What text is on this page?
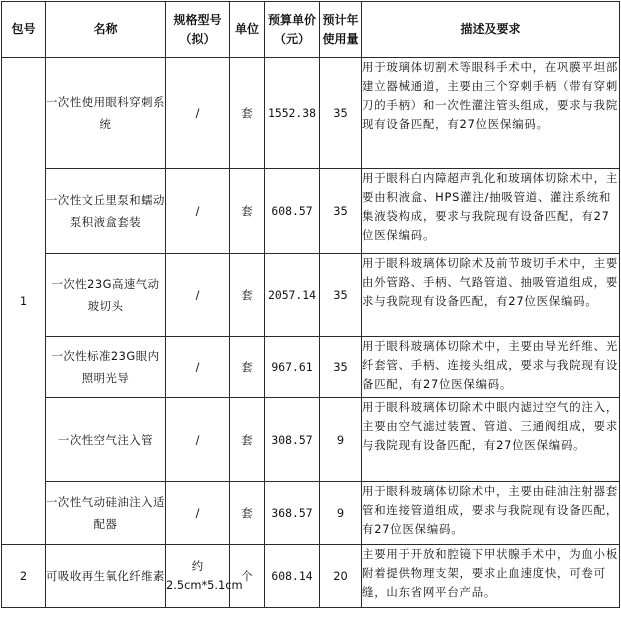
包号	名称	规格型号（拟）	单位	预算单价（元）	预计年使用量	描述及要求
1	一次性使用眼科穿刺系统	/	套	1552.38	35	用于玻璃体切割术等眼科手术中，在巩膜平坦部建立器械通道，主要由三个穿刺手柄（带有穿刺刀的手柄）和一次性灌注管头组成，要求与我院现有设备匹配，有27位医保编码。
	一次性文丘里泵和蠕动泵积液盒套装	/	套	608.57	35	用于眼科白内障超声乳化和玻璃体切除术中，主要由积液盒、HPS灌注/抽吸管道、灌注系统和集液袋构成，要求与我院现有设备匹配，有27位医保编码。
	一次性23G高速气动玻切头	/	套	2057.14	35	用于眼科玻璃体切除术及前节玻切手术中，主要由外管路、手柄、气路管道、抽吸管道组成，要求与我院现有设备匹配，有27位医保编码。
	一次性标准23G眼内照明光导	/	套	967.61	35	用于眼科玻璃体切除术中，主要由导光纤维、光纤套管、手柄、连接头组成，要求与我院现有设备匹配，有27位医保编码。
	一次性空气注入管	/	套	308.57	9	用于眼科玻璃体切除术中眼内滤过空气的注入，主要由空气滤过装置、管道、三通阀组成，要求与我院现有设备匹配，有27位医保编码。
	一次性气动硅油注入适配器	/	套	368.57	9	用于眼科玻璃体切除术中，主要由硅油注射器套管和连接管道组成，要求与我院现有设备匹配，有27位医保编码。
2	可吸收再生氧化纤维素	约2.5cm*5.1cm	个	608.14	20	主要用于开放和腔镜下甲状腺手术中，为血小板附着提供物理支架，要求止血速度快，可卷可缝，山东省网平台产品。
